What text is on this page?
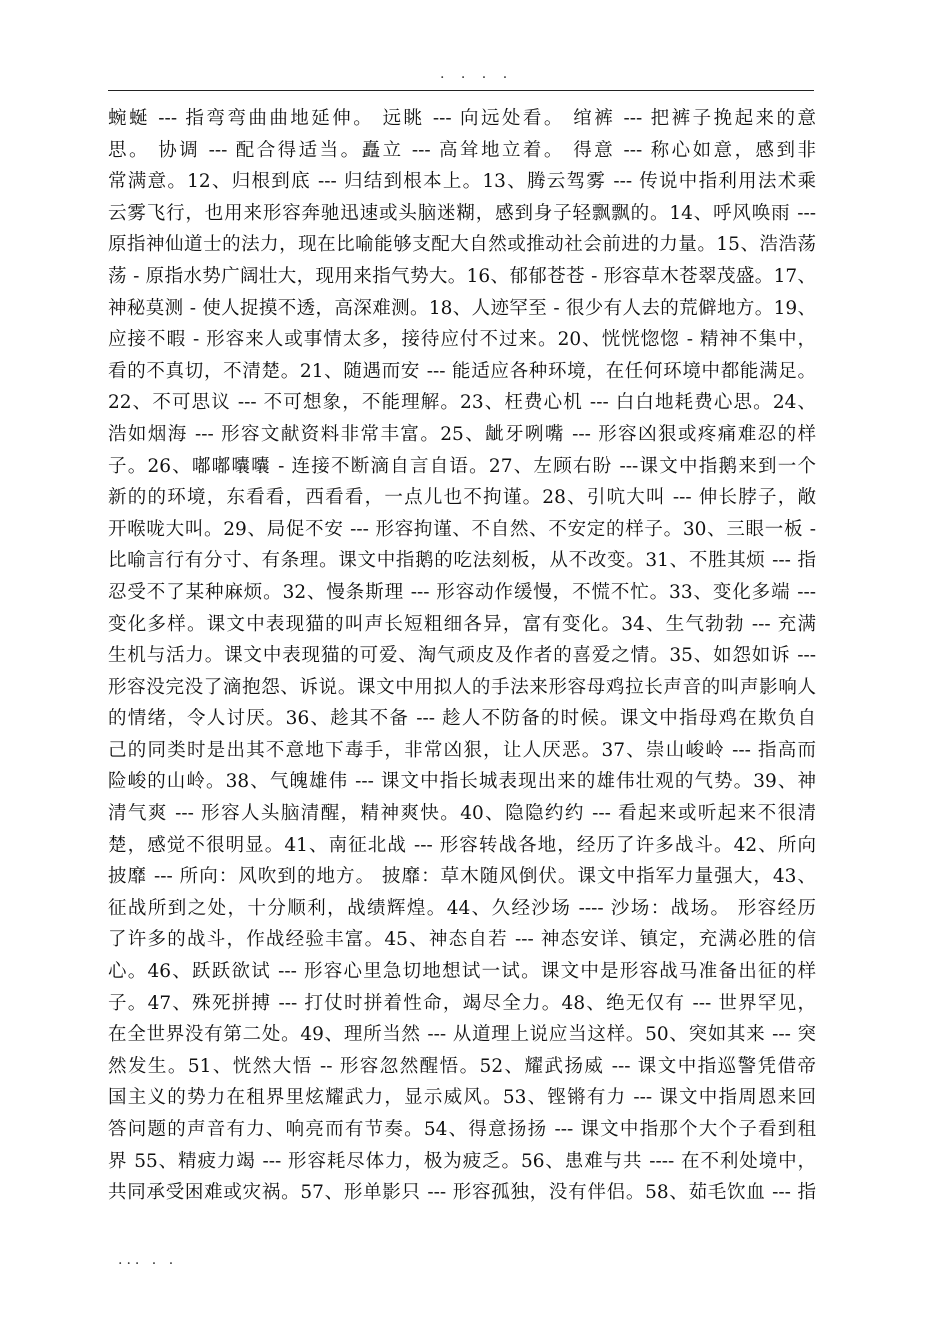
. . . .
蜿蜒 --- 指弯弯曲曲地延伸。 远眺 --- 向远处看。 绾裤 --- 把裤子挽起来的意
思。 协调 --- 配合得适当。矗立 --- 高耸地立着。 得意 --- 称心如意，感到非
常满意。12、归根到底 --- 归结到根本上。13、腾云驾雾 --- 传说中指利用法术乘
云雾飞行，也用来形容奔驰迅速或头脑迷糊，感到身子轻飘飘的。14、呼风唤雨 ---
原指神仙道士的法力，现在比喻能够支配大自然或推动社会前进的力量。15、浩浩荡
荡 - 原指水势广阔壮大，现用来指气势大。16、郁郁苍苍 - 形容草木苍翠茂盛。17、
神秘莫测 - 使人捉摸不透，高深难测。18、人迹罕至 - 很少有人去的荒僻地方。19、
应接不暇 - 形容来人或事情太多，接待应付不过来。20、恍恍惚惚 - 精神不集中，
看的不真切，不清楚。21、随遇而安 --- 能适应各种环境，在任何环境中都能满足。
22、不可思议 --- 不可想象，不能理解。23、枉费心机 --- 白白地耗费心思。24、
浩如烟海 --- 形容文献资料非常丰富。25、龇牙咧嘴 --- 形容凶狠或疼痛难忍的样
子。26、嘟嘟囔囔 - 连接不断滴自言自语。27、左顾右盼 ---课文中指鹅来到一个
新的的环境，东看看，西看看，一点儿也不拘谨。28、引吭大叫 --- 伸长脖子，敞
开喉咙大叫。29、局促不安 --- 形容拘谨、不自然、不安定的样子。30、三眼一板 -
比喻言行有分寸、有条理。课文中指鹅的吃法刻板，从不改变。31、不胜其烦 --- 指
忍受不了某种麻烦。32、慢条斯理 --- 形容动作缓慢，不慌不忙。33、变化多端 ---
变化多样。课文中表现猫的叫声长短粗细各异，富有变化。34、生气勃勃 --- 充满
生机与活力。课文中表现猫的可爱、淘气顽皮及作者的喜爱之情。35、如怨如诉 ---
形容没完没了滴抱怨、诉说。课文中用拟人的手法来形容母鸡拉长声音的叫声影响人
的情绪，令人讨厌。36、趁其不备 --- 趁人不防备的时候。课文中指母鸡在欺负自
己的同类时是出其不意地下毒手，非常凶狠，让人厌恶。37、崇山峻岭 --- 指高而
险峻的山岭。38、气魄雄伟 --- 课文中指长城表现出来的雄伟壮观的气势。39、神
清气爽 --- 形容人头脑清醒，精神爽快。40、隐隐约约 --- 看起来或听起来不很清
楚，感觉不很明显。41、南征北战 --- 形容转战各地，经历了许多战斗。42、所向
披靡 --- 所向：风吹到的地方。 披靡：草木随风倒伏。课文中指军力量强大，43、
征战所到之处，十分顺利，战绩辉煌。44、久经沙场 ---- 沙场：战场。 形容经历
了许多的战斗，作战经验丰富。45、神态自若 --- 神态安详、镇定，充满必胜的信
心。46、跃跃欲试 --- 形容心里急切地想试一试。课文中是形容战马准备出征的样
子。47、殊死拼搏 --- 打仗时拼着性命，竭尽全力。48、绝无仅有 --- 世界罕见，
在全世界没有第二处。49、理所当然 --- 从道理上说应当这样。50、突如其来 --- 突
然发生。51、恍然大悟 -- 形容忽然醒悟。52、耀武扬威 --- 课文中指巡警凭借帝
国主义的势力在租界里炫耀武力，显示威风。53、铿锵有力 --- 课文中指周恩来回
答问题的声音有力、响亮而有节奏。54、得意扬扬 --- 课文中指那个大个子看到租
界 55、精疲力竭 --- 形容耗尽体力，极为疲乏。56、患难与共 ---- 在不利处境中，
共同承受困难或灾祸。57、形单影只 --- 形容孤独，没有伴侣。58、茹毛饮血 --- 指
... . .
